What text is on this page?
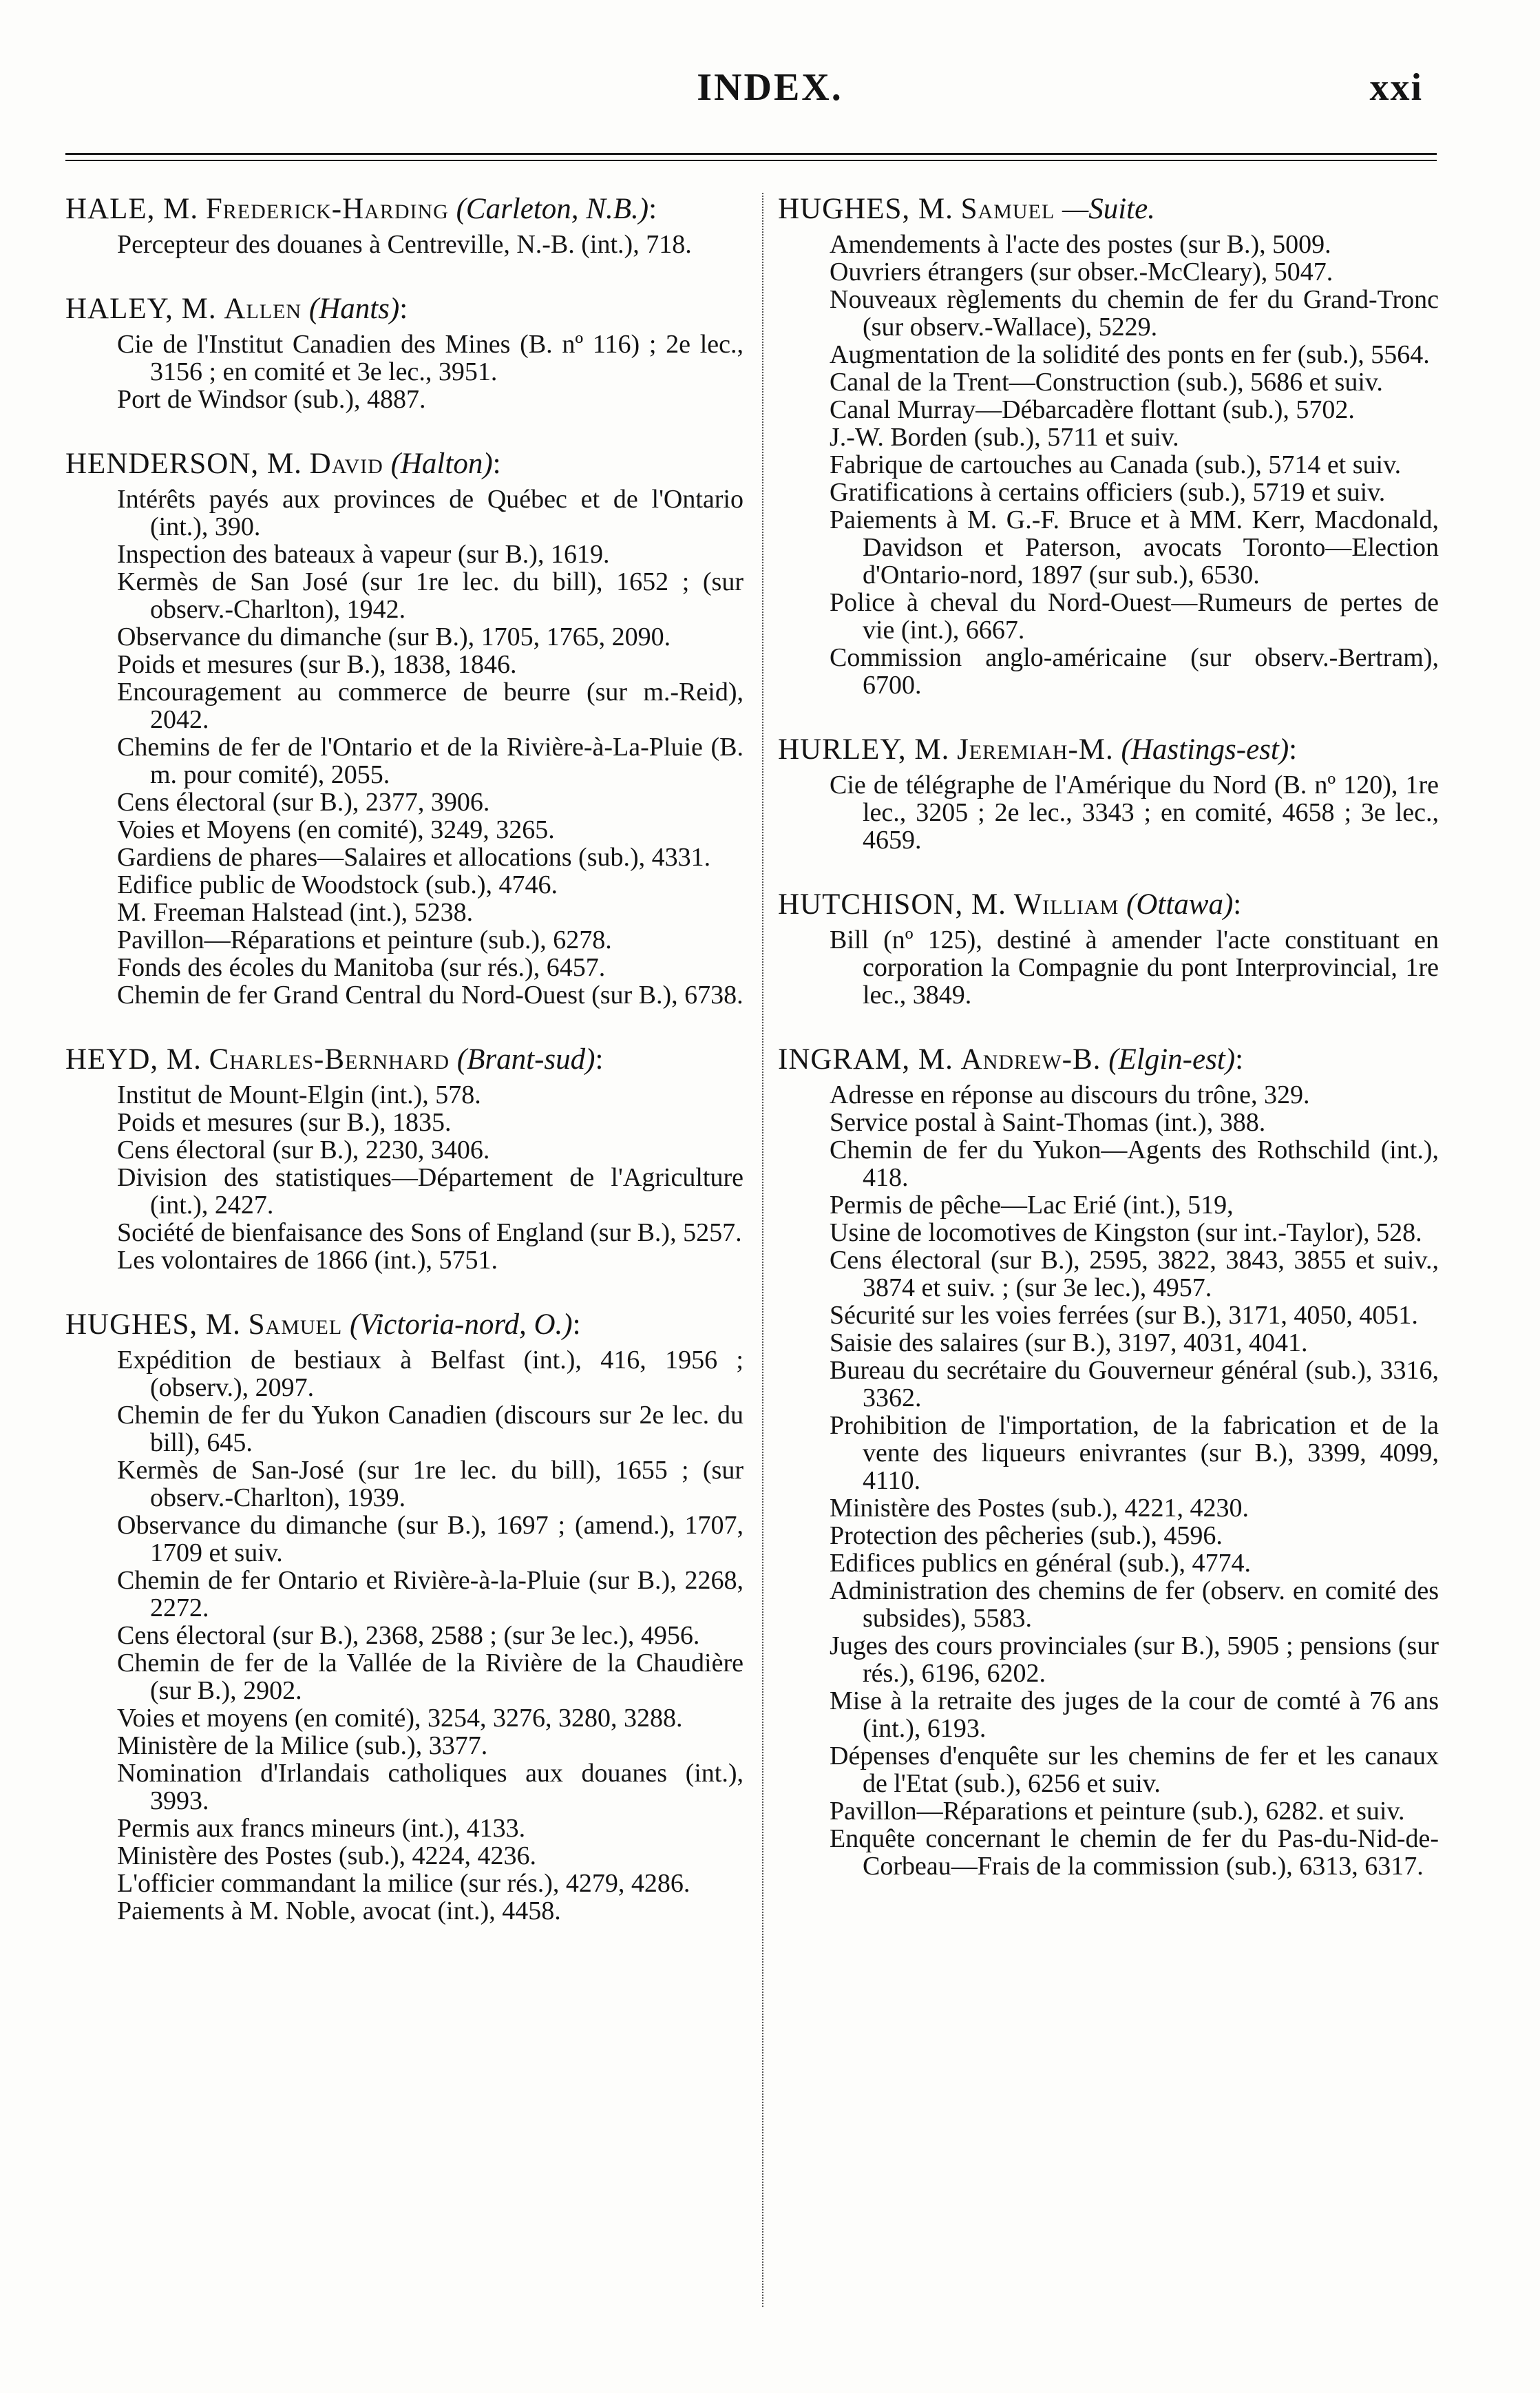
INDEX.	xxi
HALE, M. Frederick-Harding (Carleton, N.B.):
Percepteur des douanes à Centreville, N.-B. (int.), 718.
HALEY, M. Allen (Hants):
Cie de l'Institut Canadien des Mines (B. nº 116) ; 2e lec., 3156 ; en comité et 3e lec., 3951.
Port de Windsor (sub.), 4887.
HENDERSON, M. David (Halton):
Intérêts payés aux provinces de Québec et de l'Ontario (int.), 390.
Inspection des bateaux à vapeur (sur B.), 1619.
Kermès de San José (sur 1re lec. du bill), 1652 ; (sur observ.-Charlton), 1942.
Observance du dimanche (sur B.), 1705, 1765, 2090.
Poids et mesures (sur B.), 1838, 1846.
Encouragement au commerce de beurre (sur m.-Reid), 2042.
Chemins de fer de l'Ontario et de la Rivière-à-La-Pluie (B. m. pour comité), 2055.
Cens électoral (sur B.), 2377, 3906.
Voies et Moyens (en comité), 3249, 3265.
Gardiens de phares—Salaires et allocations (sub.), 4331.
Edifice public de Woodstock (sub.), 4746.
M. Freeman Halstead (int.), 5238.
Pavillon—Réparations et peinture (sub.), 6278.
Fonds des écoles du Manitoba (sur rés.), 6457.
Chemin de fer Grand Central du Nord-Ouest (sur B.), 6738.
HEYD, M. Charles-Bernhard (Brant-sud):
Institut de Mount-Elgin (int.), 578.
Poids et mesures (sur B.), 1835.
Cens électoral (sur B.), 2230, 3406.
Division des statistiques—Département de l'Agriculture (int.), 2427.
Société de bienfaisance des Sons of England (sur B.), 5257.
Les volontaires de 1866 (int.), 5751.
HUGHES, M. Samuel (Victoria-nord, O.):
Expédition de bestiaux à Belfast (int.), 416, 1956 ; (observ.), 2097.
Chemin de fer du Yukon Canadien (discours sur 2e lec. du bill), 645.
Kermès de San-José (sur 1re lec. du bill), 1655 ; (sur observ.-Charlton), 1939.
Observance du dimanche (sur B.), 1697 ; (amend.), 1707, 1709 et suiv.
Chemin de fer Ontario et Rivière-à-la-Pluie (sur B.), 2268, 2272.
Cens électoral (sur B.), 2368, 2588 ; (sur 3e lec.), 4956.
Chemin de fer de la Vallée de la Rivière de la Chaudière (sur B.), 2902.
Voies et moyens (en comité), 3254, 3276, 3280, 3288.
Ministère de la Milice (sub.), 3377.
Nomination d'Irlandais catholiques aux douanes (int.), 3993.
Permis aux francs mineurs (int.), 4133.
Ministère des Postes (sub.), 4224, 4236.
L'officier commandant la milice (sur rés.), 4279, 4286.
Paiements à M. Noble, avocat (int.), 4458.
HUGHES, M. Samuel —Suite.
Amendements à l'acte des postes (sur B.), 5009.
Ouvriers étrangers (sur obser.-McCleary), 5047.
Nouveaux règlements du chemin de fer du Grand-Tronc (sur observ.-Wallace), 5229.
Augmentation de la solidité des ponts en fer (sub.), 5564.
Canal de la Trent—Construction (sub.), 5686 et suiv.
Canal Murray—Débarcadère flottant (sub.), 5702.
J.-W. Borden (sub.), 5711 et suiv.
Fabrique de cartouches au Canada (sub.), 5714 et suiv.
Gratifications à certains officiers (sub.), 5719 et suiv.
Paiements à M. G.-F. Bruce et à MM. Kerr, Macdonald, Davidson et Paterson, avocats Toronto—Election d'Ontario-nord, 1897 (sur sub.), 6530.
Police à cheval du Nord-Ouest—Rumeurs de pertes de vie (int.), 6667.
Commission anglo-américaine (sur observ.-Bertram), 6700.
HURLEY, M. Jeremiah-M. (Hastings-est):
Cie de télégraphe de l'Amérique du Nord (B. nº 120), 1re lec., 3205 ; 2e lec., 3343 ; en comité, 4658 ; 3e lec., 4659.
HUTCHISON, M. William (Ottawa):
Bill (nº 125), destiné à amender l'acte constituant en corporation la Compagnie du pont Interprovincial, 1re lec., 3849.
INGRAM, M. Andrew-B. (Elgin-est):
Adresse en réponse au discours du trône, 329.
Service postal à Saint-Thomas (int.), 388.
Chemin de fer du Yukon—Agents des Rothschild (int.), 418.
Permis de pêche—Lac Erié (int.), 519,
Usine de locomotives de Kingston (sur int.-Taylor), 528.
Cens électoral (sur B.), 2595, 3822, 3843, 3855 et suiv., 3874 et suiv. ; (sur 3e lec.), 4957.
Sécurité sur les voies ferrées (sur B.), 3171, 4050, 4051.
Saisie des salaires (sur B.), 3197, 4031, 4041.
Bureau du secrétaire du Gouverneur général (sub.), 3316, 3362.
Prohibition de l'importation, de la fabrication et de la vente des liqueurs enivrantes (sur B.), 3399, 4099, 4110.
Ministère des Postes (sub.), 4221, 4230.
Protection des pêcheries (sub.), 4596.
Edifices publics en général (sub.), 4774.
Administration des chemins de fer (observ. en comité des subsides), 5583.
Juges des cours provinciales (sur B.), 5905 ; pensions (sur rés.), 6196, 6202.
Mise à la retraite des juges de la cour de comté à 76 ans (int.), 6193.
Dépenses d'enquête sur les chemins de fer et les canaux de l'Etat (sub.), 6256 et suiv.
Pavillon—Réparations et peinture (sub.), 6282. et suiv.
Enquête concernant le chemin de fer du Pas-du-Nid-de-Corbeau—Frais de la commission (sub.), 6313, 6317.
